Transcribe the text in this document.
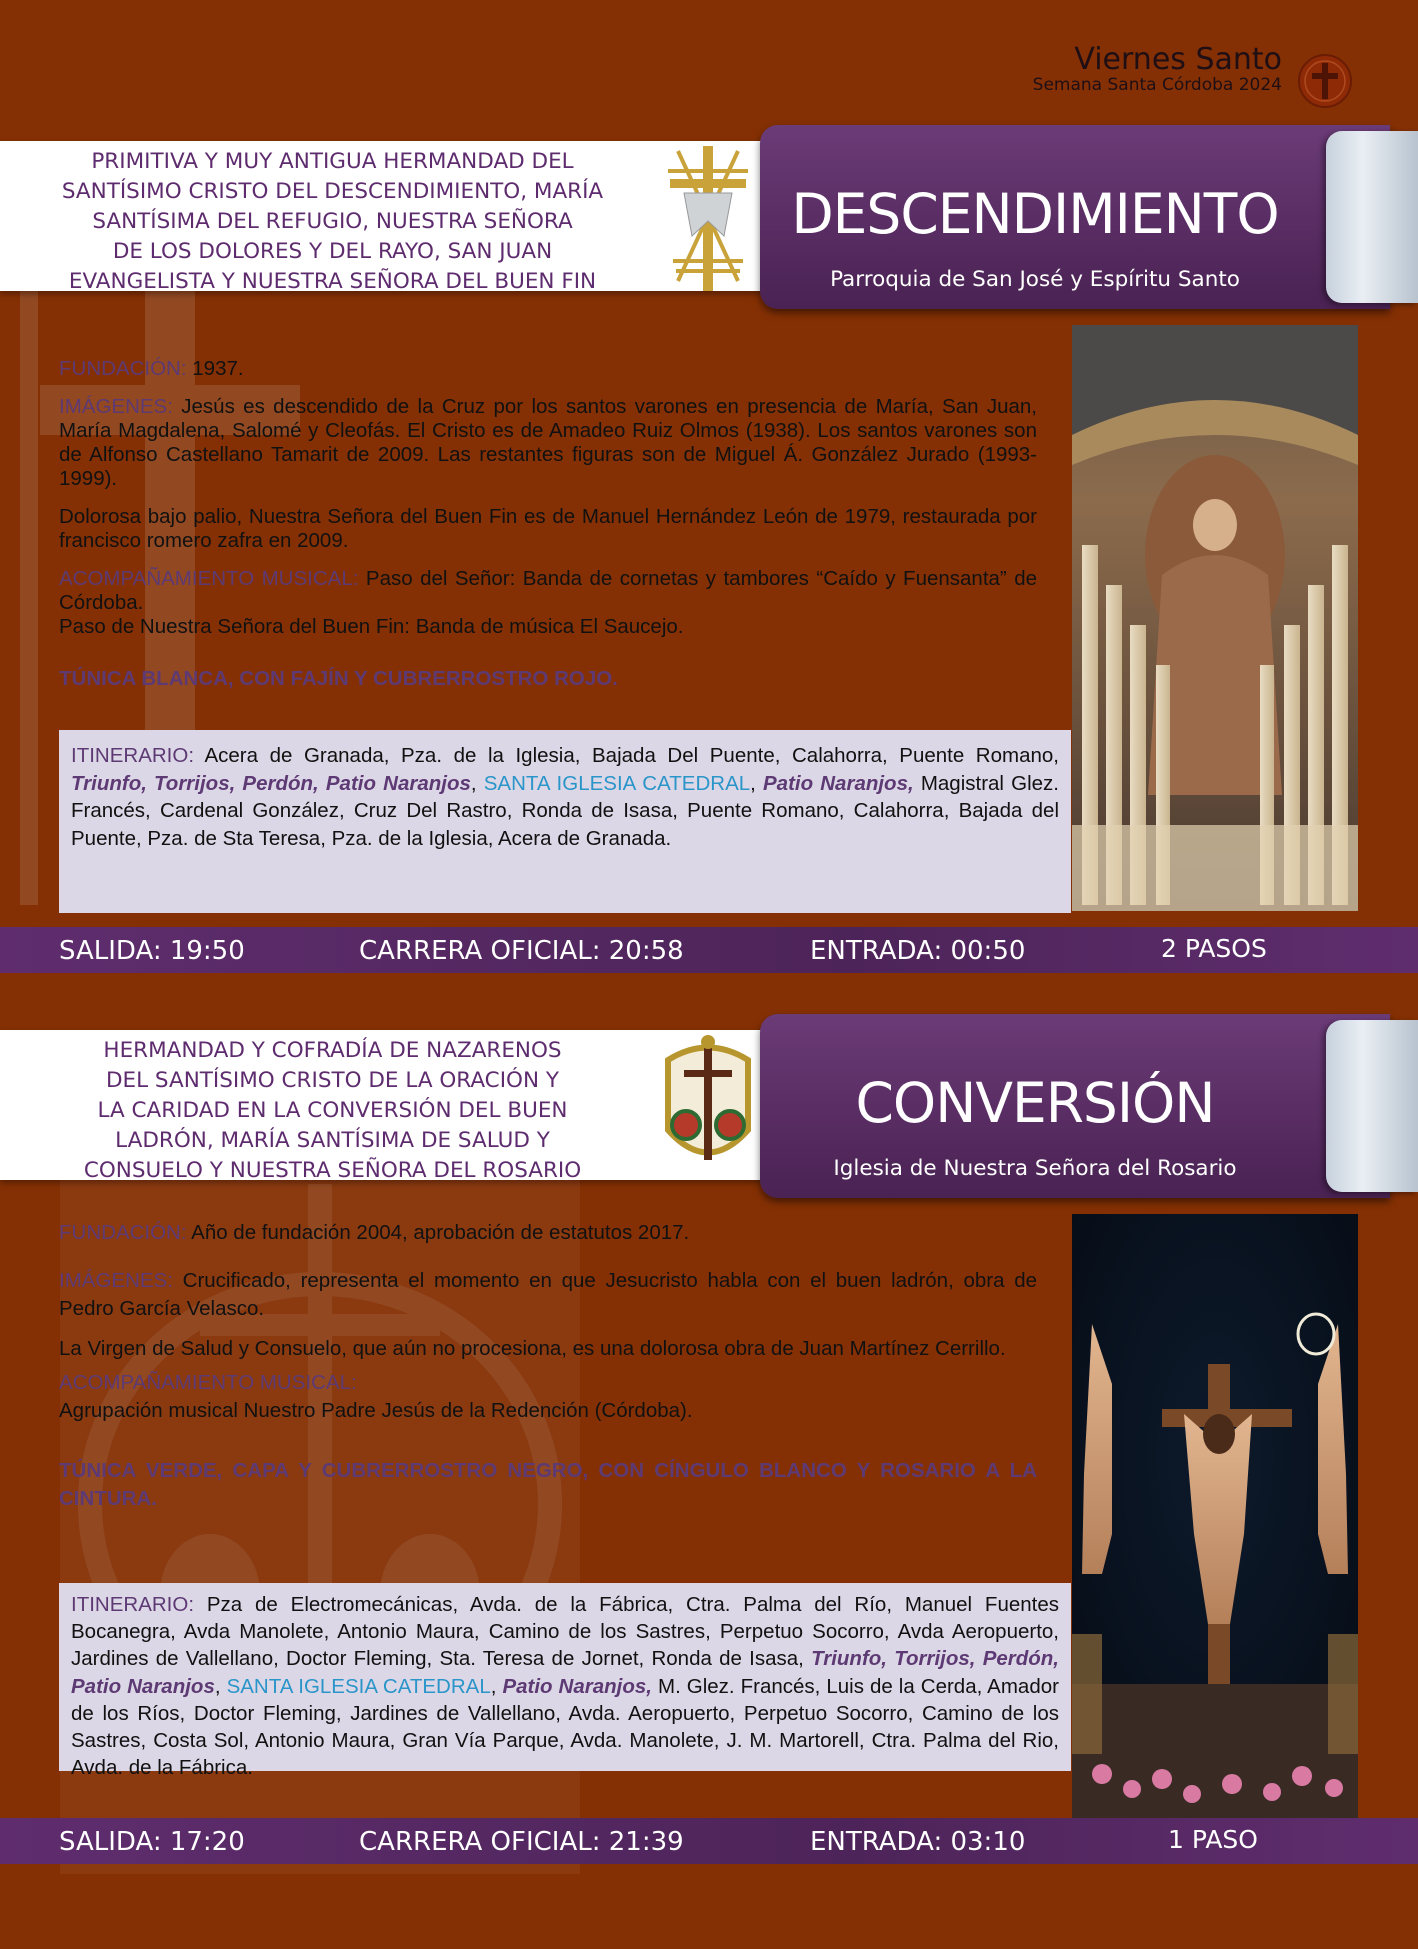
Viernes Santo
Semana Santa Córdoba 2024
PRIMITIVA Y MUY ANTIGUA HERMANDAD DEL
SANTÍSIMO CRISTO DEL DESCENDIMIENTO, MARÍA
SANTÍSIMA DEL REFUGIO, NUESTRA SEÑORA
DE LOS DOLORES Y DEL RAYO, SAN JUAN
EVANGELISTA Y NUESTRA SEÑORA DEL BUEN FIN
DESCENDIMIENTO
Parroquia de San José y Espíritu Santo

FUNDACIÓN: 1937.

IMÁGENES: Jesús es descendido de la Cruz por los santos varones en presencia de María, San Juan, María Magdalena, Salomé y Cleofás. El Cristo es de Amadeo Ruiz Olmos (1938). Los santos varones son de Alfonso Castellano Tamarit de 2009. Las restantes figuras son de Miguel Á. González Jurado (1993-1999).

Dolorosa bajo palio, Nuestra Señora del Buen Fin es de Manuel Hernández León de 1979, restaurada por francisco romero zafra en 2009.

ACOMPAÑAMIENTO MUSICAL: Paso del Señor: Banda de cornetas y tambores “Caído y Fuensanta” de Córdoba.

Paso de Nuestra Señora del Buen Fin: Banda de música El Saucejo.

TÚNICA BLANCA, CON FAJÍN Y CUBRERROSTRO ROJO.

ITINERARIO: Acera de Granada, Pza. de la Iglesia, Bajada Del Puente, Calahorra, Puente Romano, Triunfo, Torrijos, Perdón, Patio Naranjos, SANTA IGLESIA CATEDRAL, Patio Naranjos, Magistral Glez. Francés, Cardenal González, Cruz Del Rastro, Ronda de Isasa, Puente Romano, Calahorra, Bajada del Puente, Pza. de Sta Teresa, Pza. de la Iglesia, Acera de Granada.
SALIDA: 19:50	CARRERA OFICIAL: 20:58	ENTRADA: 00:50	2 PASOS
HERMANDAD Y COFRADÍA DE NAZARENOS
DEL SANTÍSIMO CRISTO DE LA ORACIÓN Y
LA CARIDAD EN LA CONVERSIÓN DEL BUEN
LADRÓN, MARÍA SANTÍSIMA DE SALUD Y
CONSUELO Y NUESTRA SEÑORA DEL ROSARIO
CONVERSIÓN
Iglesia de Nuestra Señora del Rosario

FUNDACIÓN: Año de fundación 2004, aprobación de estatutos 2017.

IMÁGENES: Crucificado, representa el momento en que Jesucristo habla con el buen ladrón, obra de Pedro García Velasco.

La Virgen de Salud y Consuelo, que aún no procesiona, es una dolorosa obra de Juan Martínez Cerrillo.

ACOMPAÑAMIENTO MUSICAL:
Agrupación musical Nuestro Padre Jesús de la Redención (Córdoba).

TÚNICA VERDE, CAPA Y CUBRERROSTRO NEGRO, CON CÍNGULO BLANCO Y ROSARIO A LA CINTURA.

ITINERARIO: Pza de Electromecánicas, Avda. de la Fábrica, Ctra. Palma del Río, Manuel Fuentes Bocanegra, Avda Manolete, Antonio Maura, Camino de los Sastres, Perpetuo Socorro, Avda Aeropuerto, Jardines de Vallellano, Doctor Fleming, Sta. Teresa de Jornet, Ronda de Isasa, Triunfo, Torrijos, Perdón, Patio Naranjos, SANTA IGLESIA CATEDRAL, Patio Naranjos, M. Glez. Francés, Luis de la Cerda, Amador de los Ríos, Doctor Fleming, Jardines de Vallellano, Avda. Aeropuerto, Perpetuo Socorro, Camino de los Sastres, Costa Sol, Antonio Maura, Gran Vía Parque, Avda. Manolete, J. M. Martorell, Ctra. Palma del Rio, Avda. de la Fábrica.
SALIDA: 17:20	CARRERA OFICIAL: 21:39	ENTRADA: 03:10	1 PASO
